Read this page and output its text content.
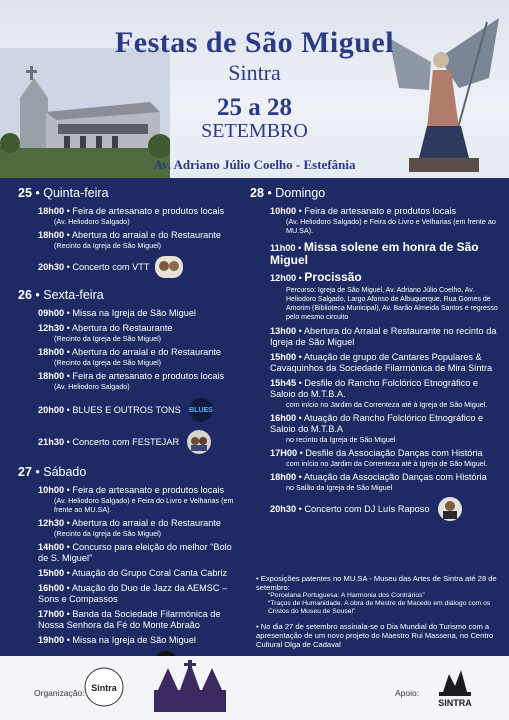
Festas de São Miguel
Sintra
25 a 28
SETEMBRO
Av. Adriano Júlio Coelho - Estefânia
25 • Quinta-feira
18h00 • Feira de artesanato e produtos locais
(Av. Heliodoro Salgado)
18h00 • Abertura do arraial e do Restaurante
(Recinto da Igreja de São Miguel)
20h30 • Concerto com VTT
26 • Sexta-feira
09h00 • Missa na Igreja de São Miguel
12h30 • Abertura do Restaurante
(Recinto da Igreja de São Miguel)
18h00 • Abertura do arraial e do Restaurante
(Recinto da Igreja de São Miguel)
18h00 • Feira de artesanato e produtos locais
(Av. Heliodoro Salgado)
20h00 • BLUES E OUTROS TONS BLUES
21h30 • Concerto com FESTEJAR
27 • Sábado
10h00 • Feira de artesanato e produtos locais
(Av. Heliodoro Salgado) e Feira do Livro e Velharias (em frente ao MU.SA).
12h30 • Abertura do arraial e do Restaurante
(Recinto da Igreja de São Miguel)
14h00 • Concurso para eleição do melhor “Bolo de S. Miguel”
15h00 • Atuação do Grupo Coral Canta Cabriz
16h00 • Atuação do Duo de Jazz da AEMSC – Sons e Compassos
17h00 • Banda da Sociedade Filarmónica de Nossa Senhora da Fé do Monte Abraão
19h00 • Missa na Igreja de São Miguel
28 • Domingo
10h00 • Feira de artesanato e produtos locais
(Av. Heliodoro Salgado) e Feira do Livro e Velharias (em frente ao MU.SA).
11h00 • Missa solene em honra de São Miguel
12h00 • Procissão
Percurso: Igreja de São Miguel, Av. Adriano Júlio Coelho, Av. Heliodoro Salgado, Largo Afonso de Albuquerque, Rua Gomes de Amorim (Biblioteca Municipal), Av. Barão Almeida Santos e regresso pelo mesmo circuito
13h00 • Abertura do Arraial e Restaurante no recinto da Igreja de São Miguel
15h00 • Atuação de grupo de Cantares Populares & Cavaquinhos da Sociedade Filarmónica de Mira Sintra
15h45 • Desfile do Rancho Folclórico Etnográfico e Saloio do M.T.B.A.
com início no Jardim da Correnteza até à Igreja de São Miguel.
16h00 • Atuação do Rancho Folclórico Etnográfico e Saloio do M.T.B.A
no recinto da Igreja de São Miguel
17H00 • Desfile da Associação Danças com História
com início no Jardim da Correnteza até à Igreja de São Miguel.
18h00 • Atuação da Associação Danças com História
no Salão da Igreja de São Miguel
20h30 • Concerto com DJ Luís Raposo

• Exposições patentes no MU.SA - Museu das Artes de Sintra até 28 de setembro:
“Porcelana Portuguesa: A Harmonia dos Contrários”
“Traços de Humanidade. A obra de Mestre de Macedo em diálogo com os Cristos do Museu de Sousel”

• No dia 27 de setembro assinala-se o Dia Mundial do Turismo com a apresentação de um novo projeto do Maestro Rui Massena, no Centro Cultural Olga de Cadaval

Organização: Sintra	Apoio:
SINTRA
